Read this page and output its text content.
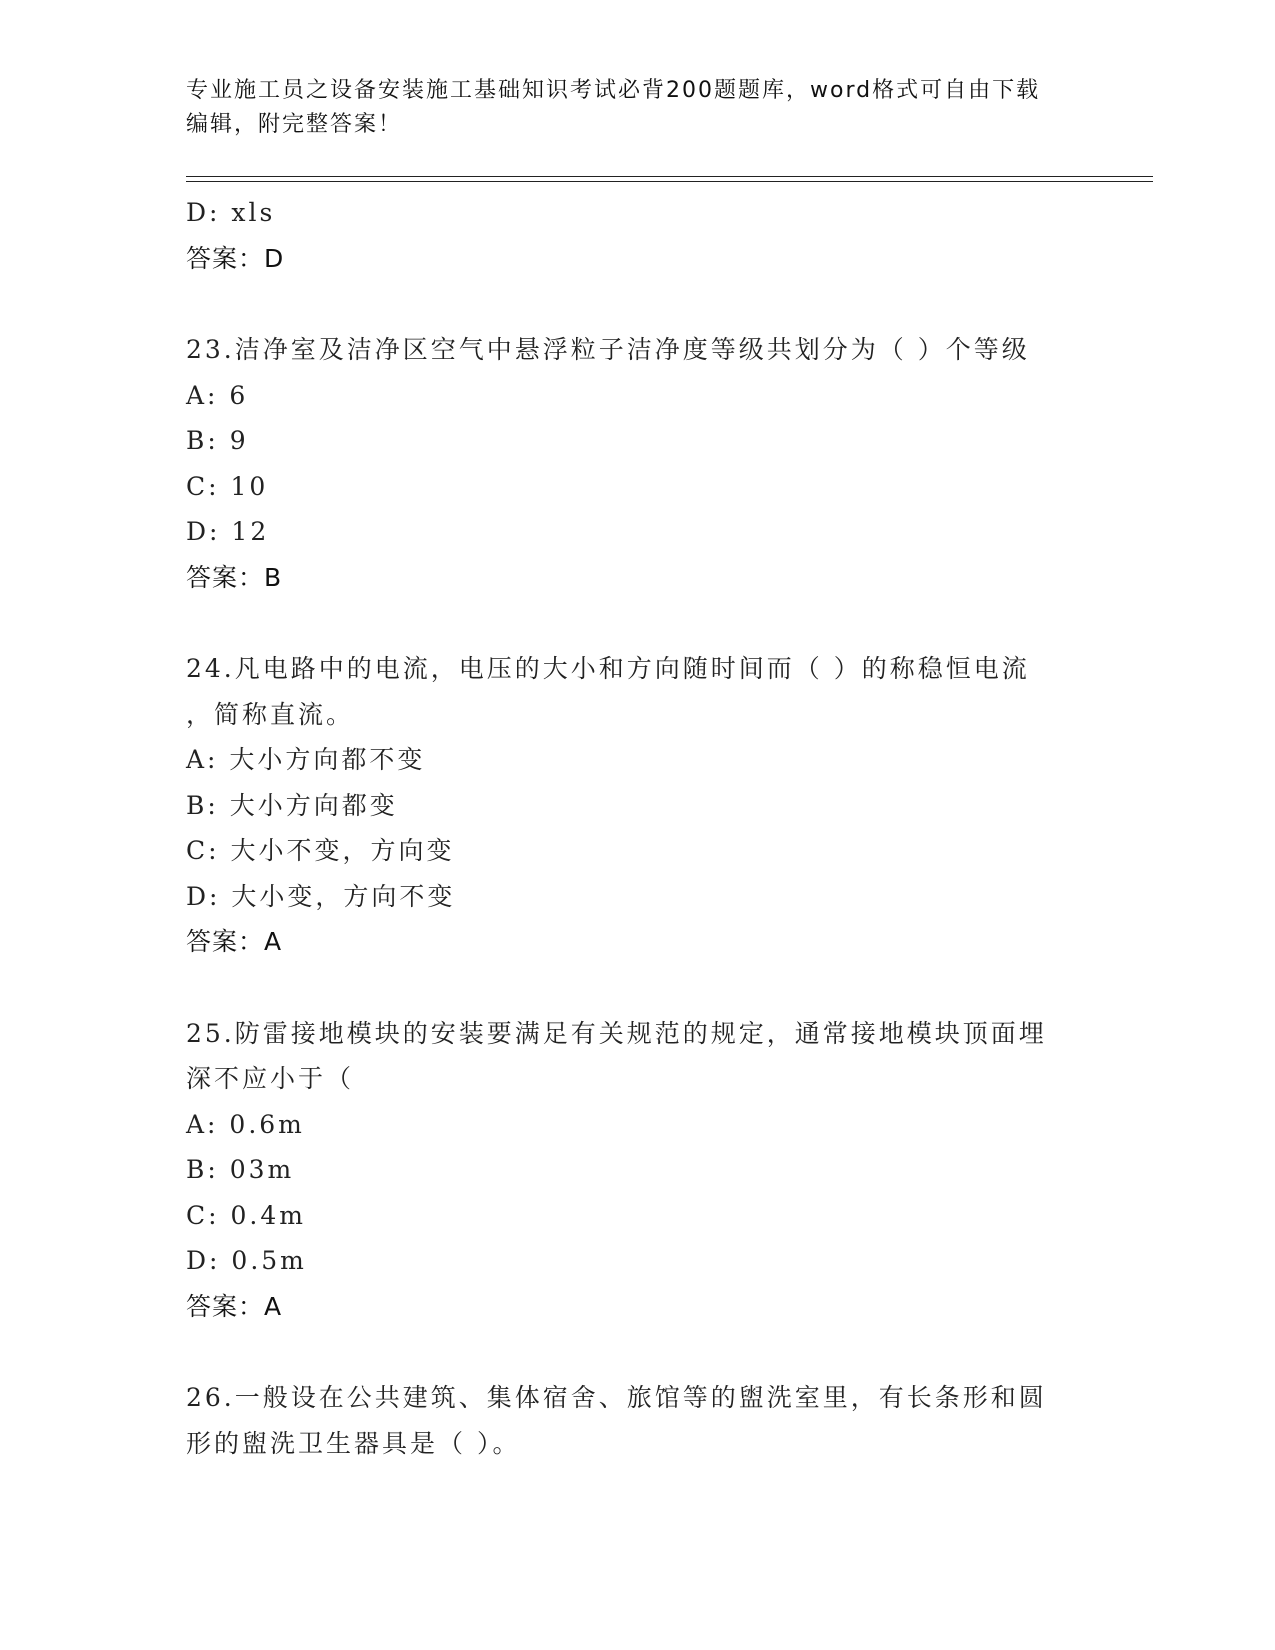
专业施工员之设备安装施工基础知识考试必背200题题库，word格式可自由下载
编辑，附完整答案！
D: xls
答案：D
23.洁净室及洁净区空气中悬浮粒子洁净度等级共划分为（ ）个等级
A: 6
B: 9
C: 10
D: 12
答案：B
24.凡电路中的电流，电压的大小和方向随时间而（ ）的称稳恒电流
，简称直流。
A: 大小方向都不变
B: 大小方向都变
C: 大小不变，方向变
D: 大小变，方向不变
答案：A
25.防雷接地模块的安装要满足有关规范的规定，通常接地模块顶面埋
深不应小于（
A: 0.6m
B: 03m
C: 0.4m
D: 0.5m
答案：A
26.一般设在公共建筑、集体宿舍、旅馆等的盥洗室里，有长条形和圆
形的盥洗卫生器具是（ ）。
